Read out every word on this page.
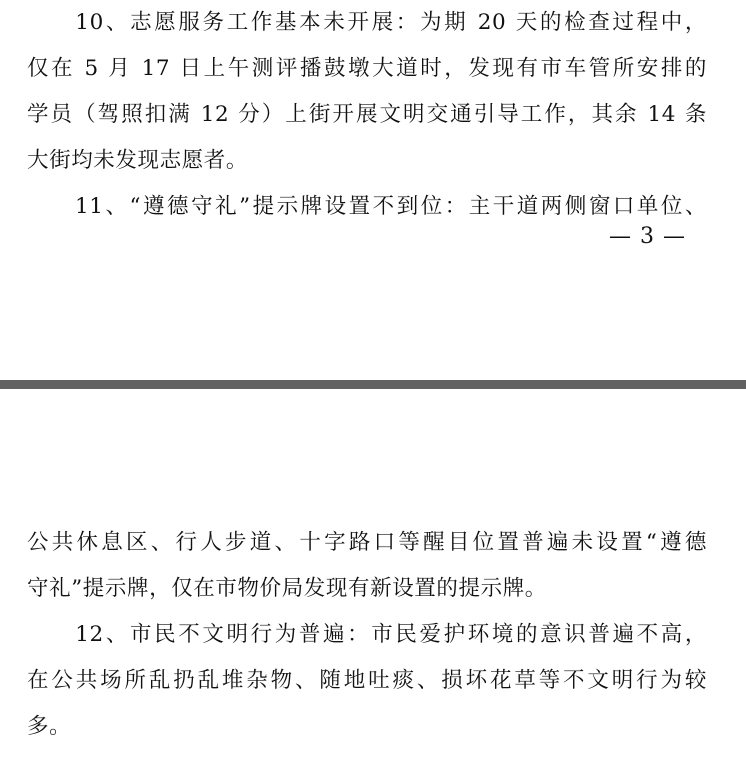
　　10、志愿服务工作基本未开展：为期 20 天的检查过程中，

仅在 5 月 17 日上午测评播鼓墩大道时，发现有市车管所安排的

学员（驾照扣满 12 分）上街开展文明交通引导工作，其余 14 条

大街均未发现志愿者。

　　11、“遵德守礼”提示牌设置不到位：主干道两侧窗口单位、

— 3 —

公共休息区、行人步道、十字路口等醒目位置普遍未设置“遵德

守礼”提示牌，仅在市物价局发现有新设置的提示牌。

　　12、市民不文明行为普遍：市民爱护环境的意识普遍不高，

在公共场所乱扔乱堆杂物、随地吐痰、损坏花草等不文明行为较

多。
